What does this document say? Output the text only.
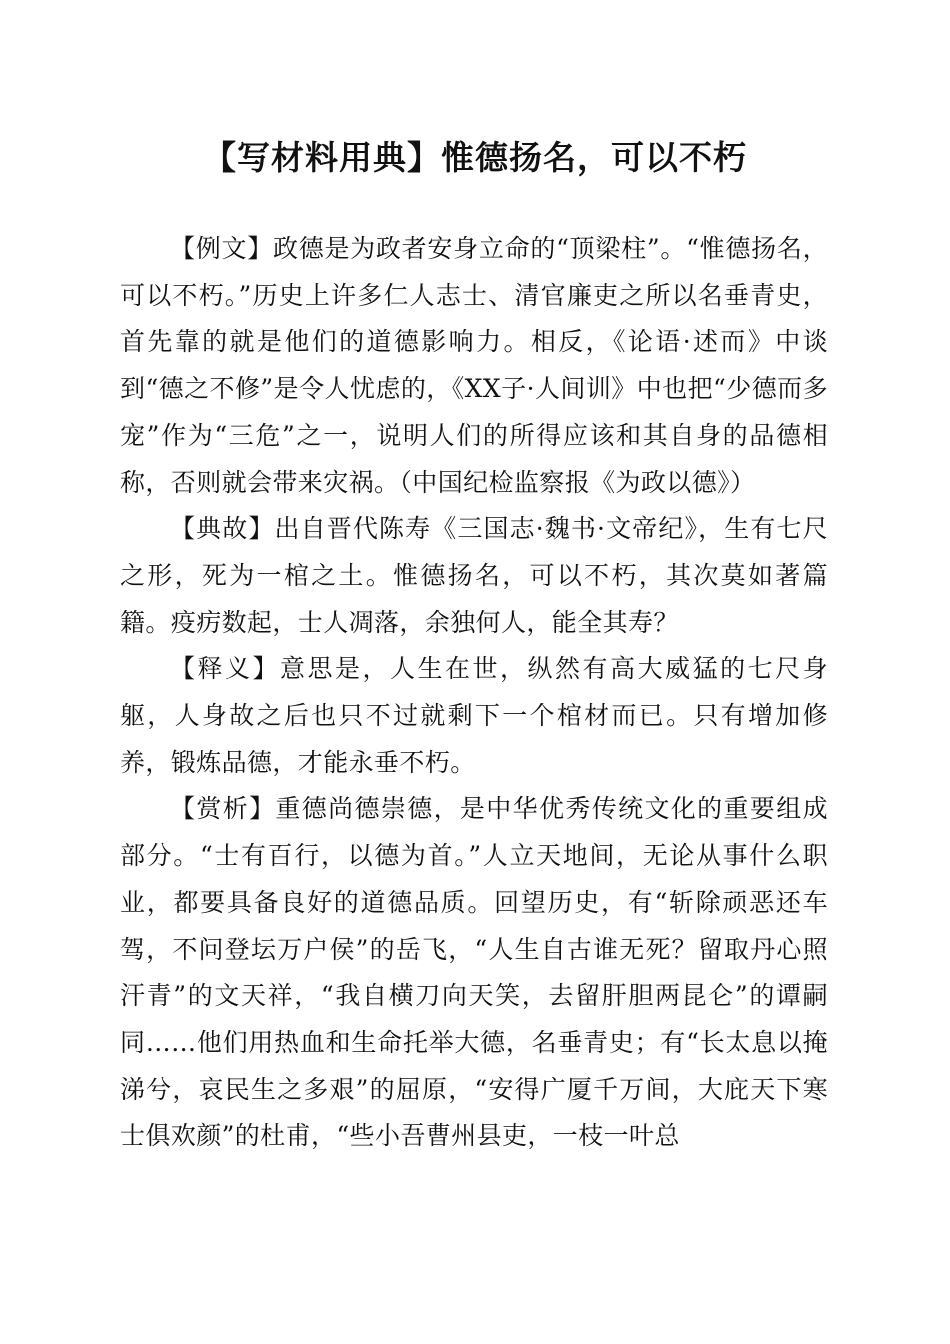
【写材料用典】惟德扬名，可以不朽

【例文】政德是为政者安身立命的“顶梁柱”。“惟德扬名，可以不朽。”历史上许多仁人志士、清官廉吏之所以名垂青史，首先靠的就是他们的道德影响力。相反，《论语·述而》中谈到“德之不修”是令人忧虑的，《XX子·人间训》中也把“少德而多宠”作为“三危”之一，说明人们的所得应该和其自身的品德相称，否则就会带来灾祸。（中国纪检监察报《为政以德》）

【典故】出自晋代陈寿《三国志·魏书·文帝纪》，生有七尺之形，死为一棺之土。惟德扬名，可以不朽，其次莫如著篇籍。疫疠数起，士人凋落，余独何人，能全其寿？

【释义】意思是，人生在世，纵然有高大威猛的七尺身躯，人身故之后也只不过就剩下一个棺材而已。只有增加修养，锻炼品德，才能永垂不朽。

【赏析】重德尚德崇德，是中华优秀传统文化的重要组成部分。“士有百行，以德为首。”人立天地间，无论从事什么职业，都要具备良好的道德品质。回望历史，有“斩除顽恶还车驾，不问登坛万户侯”的岳飞，“人生自古谁无死？留取丹心照汗青”的文天祥，“我自横刀向天笑，去留肝胆两昆仑”的谭嗣同……他们用热血和生命托举大德，名垂青史；有“长太息以掩涕兮，哀民生之多艰”的屈原，“安得广厦千万间，大庇天下寒士俱欢颜”的杜甫，“些小吾曹州县吏，一枝一叶总
